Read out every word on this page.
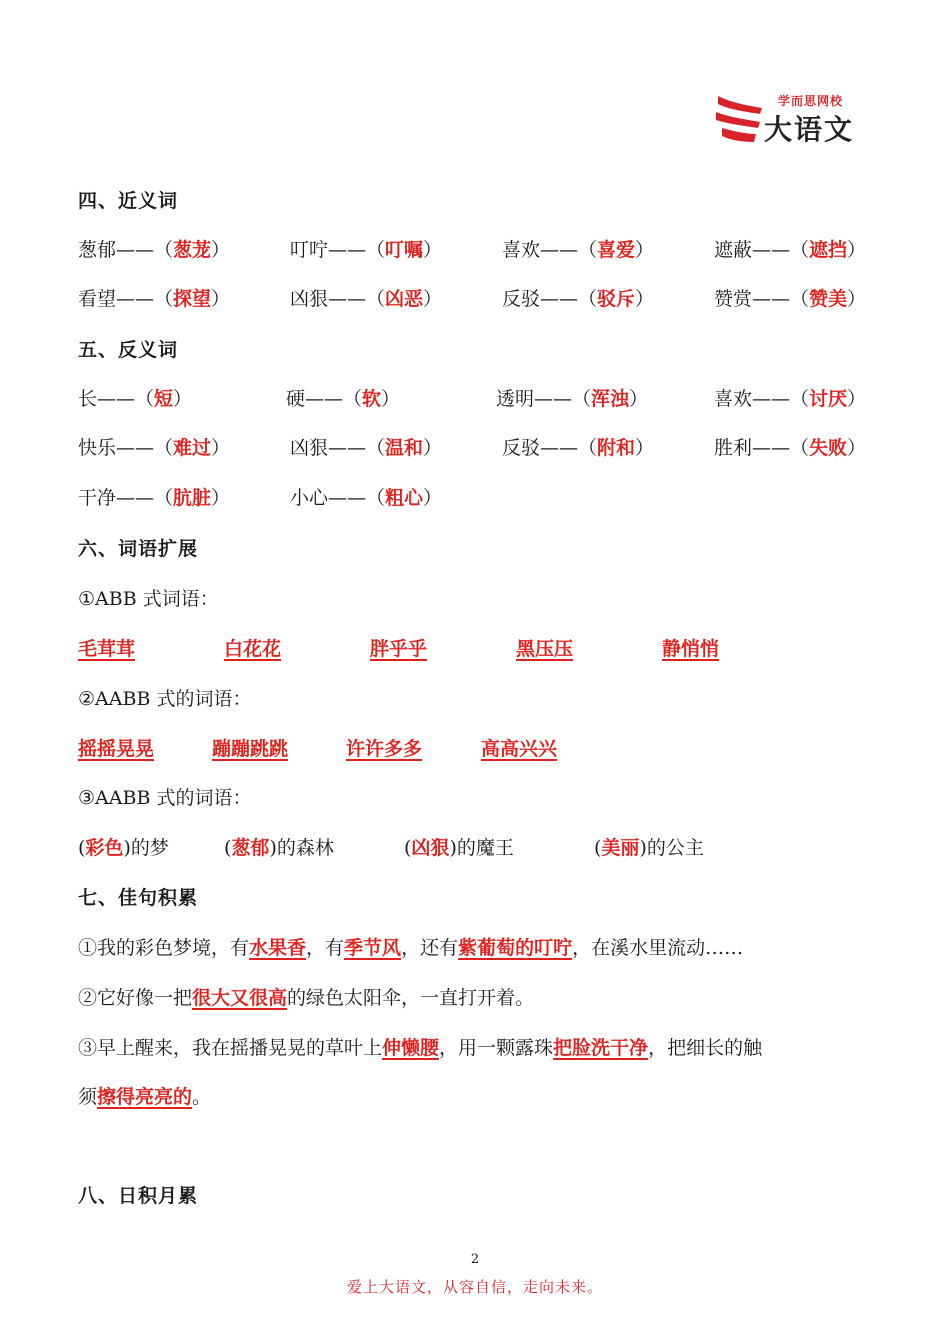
学而思网校
大语文
四、近义词
葱郁——（葱茏）	叮咛——（叮嘱）	喜欢——（喜爱）	遮蔽——（遮挡）
看望——（探望）	凶狠——（凶恶）	反驳——（驳斥）	赞赏——（赞美）
五、反义词
长——（短）	硬——（软）	透明——（浑浊）	喜欢——（讨厌）
快乐——（难过）	凶狠——（温和）	反驳——（附和）	胜利——（失败）
干净——（肮脏）	小心——（粗心）
六、词语扩展
①ABB 式词语：
毛茸茸	白花花	胖乎乎	黑压压	静悄悄
②AABB 式的词语：
摇摇晃晃	蹦蹦跳跳	许许多多	高高兴兴
③AABB 式的词语：
(彩色)的梦	(葱郁)的森林	(凶狠)的魔王	(美丽)的公主
七、佳句积累
①我的彩色梦境，有水果香，有季节风，还有紫葡萄的叮咛，在溪水里流动……
②它好像一把很大又很高的绿色太阳伞，一直打开着。
③早上醒来，我在摇播晃晃的草叶上伸懒腰，用一颗露珠把脸洗干净，把细长的触
须擦得亮亮的。
八、日积月累
2
爱上大语文，从容自信，走向未来。
